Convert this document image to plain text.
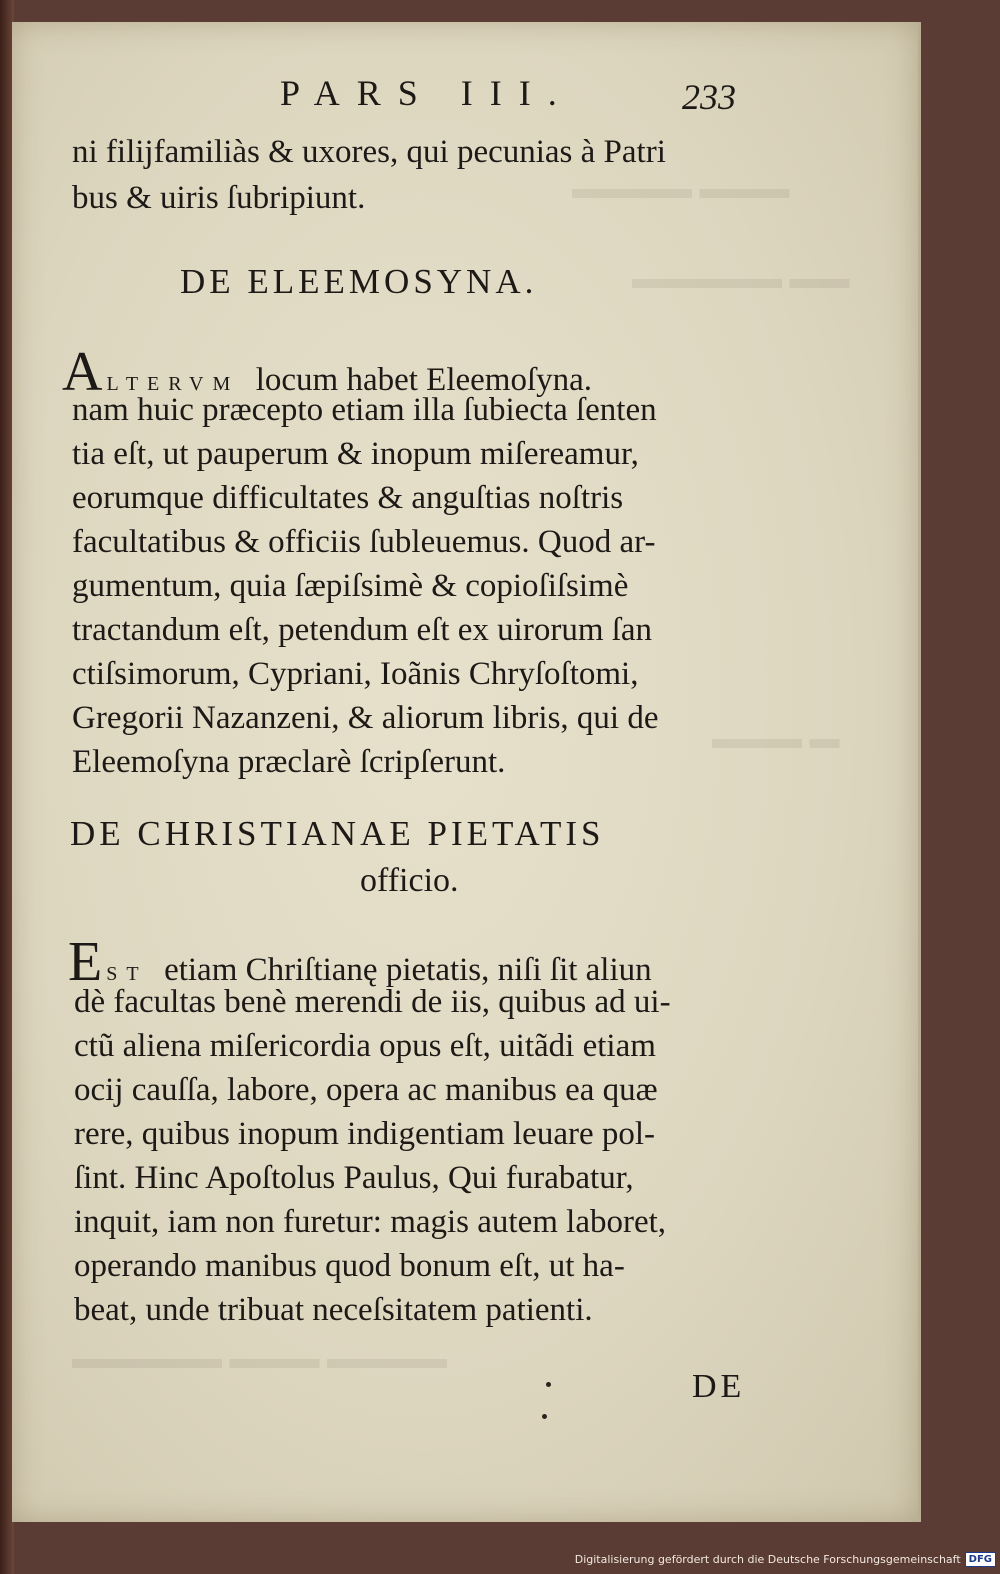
▬▬▬ ▬▬▬▬
▬▬ ▬▬▬▬▬
▬ ▬▬▬
▬▬▬▬ ▬▬▬ ▬▬▬▬▬
PARS III.	233
ni filijfamiliàs & uxores, qui pecunias à Patri
bus & uiris ſubripiunt.
DE ELEEMOSYNA.
ALTERVM locum habet Eleemoſyna.
nam huic præcepto etiam illa ſubiecta ſenten
tia eſt, ut pauperum & inopum miſereamur,
eorumque difficultates & anguſtias noſtris
facultatibus & officiis ſubleuemus. Quod ar-
gumentum, quia ſæpiſsimè & copioſiſsimè
tractandum eſt, petendum eſt ex uirorum ſan
ctiſsimorum, Cypriani, Ioãnis Chryſoſtomi,
Gregorii Nazanzeni, & aliorum libris, qui de
Eleemoſyna præclarè ſcripſerunt.
DE CHRISTIANAE PIETATIS
officio.
EST etiam Chriſtianę pietatis, niſi ſit aliun
dè facultas benè merendi de iis, quibus ad ui-
ctũ aliena miſericordia opus eſt, uitãdi etiam
ocij cauſſa, labore, opera ac manibus ea quæ
rere, quibus inopum indigentiam leuare pol-
ſint. Hinc Apoſtolus Paulus, Qui furabatur,
inquit, iam non furetur: magis autem laboret,
operando manibus quod bonum eſt, ut ha-
beat, unde tribuat neceſsitatem patienti.
DE
Digitalisierung gefördert durch die Deutsche Forschungsgemeinschaft DFG
